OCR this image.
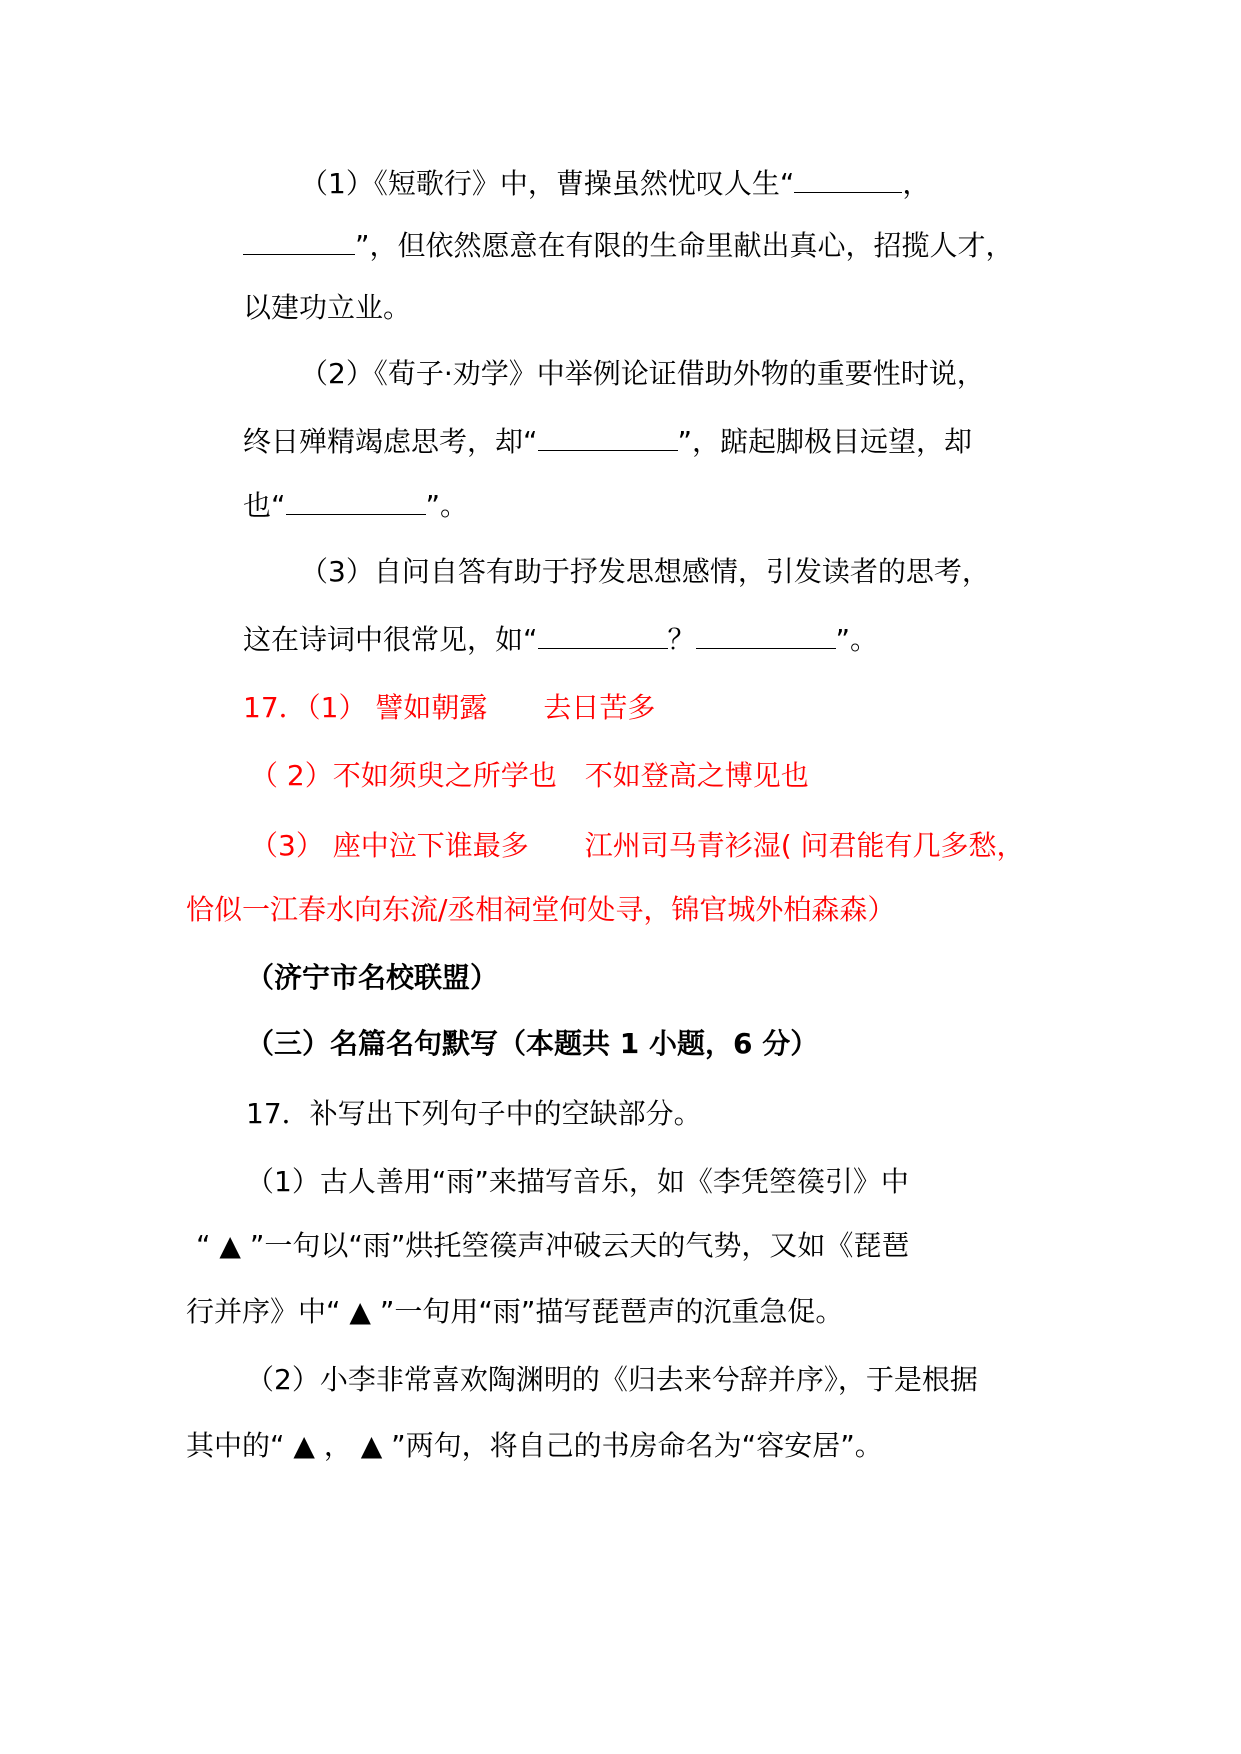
（1）《短歌行》中，曹操虽然忧叹人生“	，
”，但依然愿意在有限的生命里献出真心，招揽人才，
以建功立业。
（2）《荀子·劝学》中举例论证借助外物的重要性时说，
终日殚精竭虑思考，却“	”，踮起脚极目远望，却
也“	”。
（3）自问自答有助于抒发思想感情，引发读者的思考，
这在诗词中很常见，如“	？	”。
17．（1） 譬如朝露　　去日苦多
（ 2）不如须臾之所学也　不如登高之博见也
（3） 座中泣下谁最多　　江州司马青衫湿( 问君能有几多愁，
恰似一江春水向东流/丞相祠堂何处寻，锦官城外柏森森）
（济宁市名校联盟）
（三）名篇名句默写（本题共 1 小题，6 分）
17．补写出下列句子中的空缺部分。
（1）古人善用“雨”来描写音乐，如《李凭箜篌引》中
“ ▲ ”一句以“雨”烘托箜篌声冲破云天的气势，又如《琵琶
行并序》中“ ▲ ”一句用“雨”描写琵琶声的沉重急促。
（2）小李非常喜欢陶渊明的《归去来兮辞并序》，于是根据
其中的“ ▲ ， ▲ ”两句，将自己的书房命名为“容安居”。
